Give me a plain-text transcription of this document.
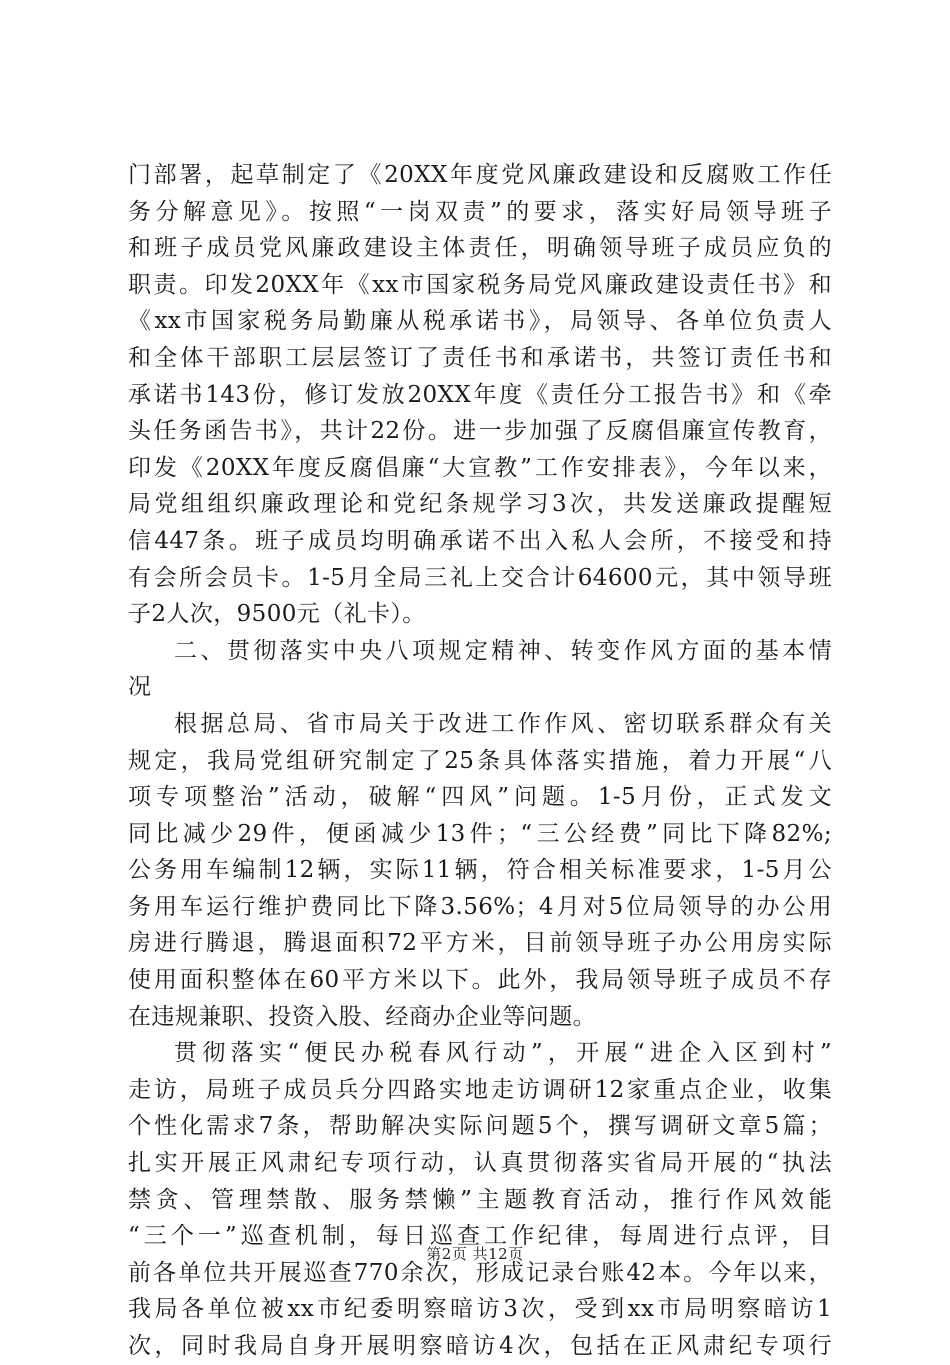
门部署，起草制定了《20XX年度党风廉政建设和反腐败工作任
务分解意见》。按照“一岗双责”的要求，落实好局领导班子
和班子成员党风廉政建设主体责任，明确领导班子成员应负的
职责。印发20XX年《xx市国家税务局党风廉政建设责任书》和
《xx市国家税务局勤廉从税承诺书》，局领导、各单位负责人
和全体干部职工层层签订了责任书和承诺书，共签订责任书和
承诺书143份，修订发放20XX年度《责任分工报告书》和《牵
头任务函告书》，共计22份。进一步加强了反腐倡廉宣传教育，
印发《20XX年度反腐倡廉“大宣教”工作安排表》，今年以来，
局党组组织廉政理论和党纪条规学习3次，共发送廉政提醒短
信447条。班子成员均明确承诺不出入私人会所，不接受和持
有会所会员卡。1-5月全局三礼上交合计64600元，其中领导班
子2人次，9500元（礼卡）。
二、贯彻落实中央八项规定精神、转变作风方面的基本情
况
根据总局、省市局关于改进工作作风、密切联系群众有关
规定，我局党组研究制定了25条具体落实措施，着力开展“八
项专项整治”活动，破解“四风”问题。1-5月份，正式发文
同比减少29件，便函减少13件；“三公经费”同比下降82%;
公务用车编制12辆，实际11辆，符合相关标准要求，1-5月公
务用车运行维护费同比下降3.56%；4月对5位局领导的办公用
房进行腾退，腾退面积72平方米，目前领导班子办公用房实际
使用面积整体在60平方米以下。此外，我局领导班子成员不存
在违规兼职、投资入股、经商办企业等问题。
贯彻落实“便民办税春风行动”，开展“进企入区到村”
走访，局班子成员兵分四路实地走访调研12家重点企业，收集
个性化需求7条，帮助解决实际问题5个，撰写调研文章5篇；
扎实开展正风肃纪专项行动，认真贯彻落实省局开展的“执法
禁贪、管理禁散、服务禁懒”主题教育活动，推行作风效能
“三个一”巡查机制，每日巡查工作纪律，每周进行点评，目
前各单位共开展巡查770余次，形成记录台账42本。今年以来，
我局各单位被xx市纪委明察暗访3次，受到xx市局明察暗访1
次，同时我局自身开展明察暗访4次，包括在正风肃纪专项行
第2页 共12页
